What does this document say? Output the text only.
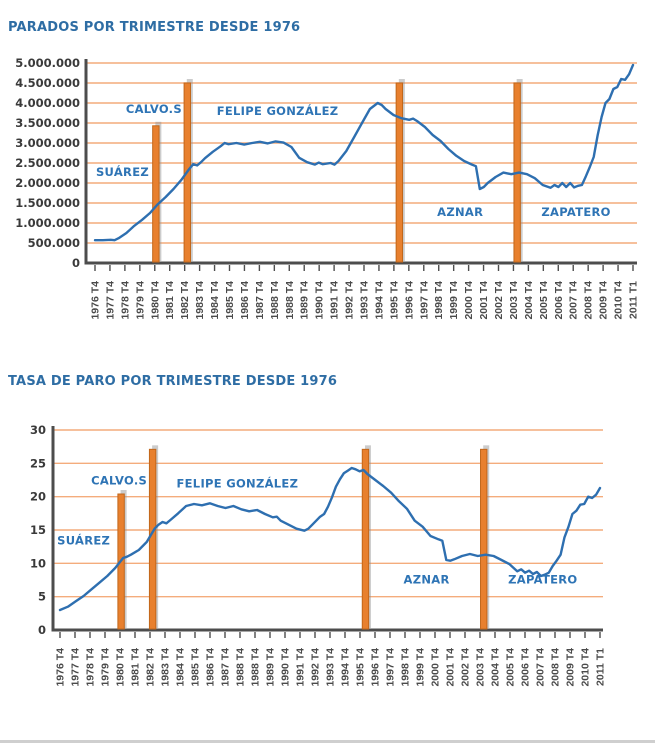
PARADOS POR TRIMESTRE DESDE 1976
TASA DE PARO POR TRIMESTRE DESDE 1976
0
500.000
1.000.000
1.500.000
2.000.000
2.500.000
3.000.000
3.500.000
4.000.000
4.500.000
5.000.000
1976 T4 1977 T4 1978 T4 1979 T4 1980 T4 1981 T4 1982 T4 1983 T4 1984 T4 1985 T4 1986 T4 1987 T4 1988 T4 1988 T4 1989 T4 1990 T4 1991 T4 1992 T4 1993 T4 1994 T4 1995 T4 1996 T4 1997 T4 1998 T4 1999 T4 2000 T4 2001 T4 2002 T4 2003 T4 2004 T4 2005 T4 2006 T4 2007 T4 2008 T4 2009 T4 2010 T4 2011 T1
SUÁREZ
CALVO.S	FELIPE GONZÁLEZ
AZNAR	ZAPATERO
0
5
10
15
20
25
30
1976 T4 1977 T4 1978 T4 1979 T4 1980 T4 1981 T4 1982 T4 1983 T4 1984 T4 1985 T4 1986 T4 1987 T4 1988 T4 1988 T4 1989 T4 1990 T4 1991 T4 1992 T4 1993 T4 1994 T4 1995 T4 1996 T4 1997 T4 1998 T4 1999 T4 2000 T4 2001 T4 2002 T4 2003 T4 2004 T4 2005 T4 2006 T4 2007 T4 2008 T4 2009 T4 2010 T4 2011 T1
SUÁREZ
CALVO.S	FELIPE GONZÁLEZ
AZNAR	ZAPATERO
